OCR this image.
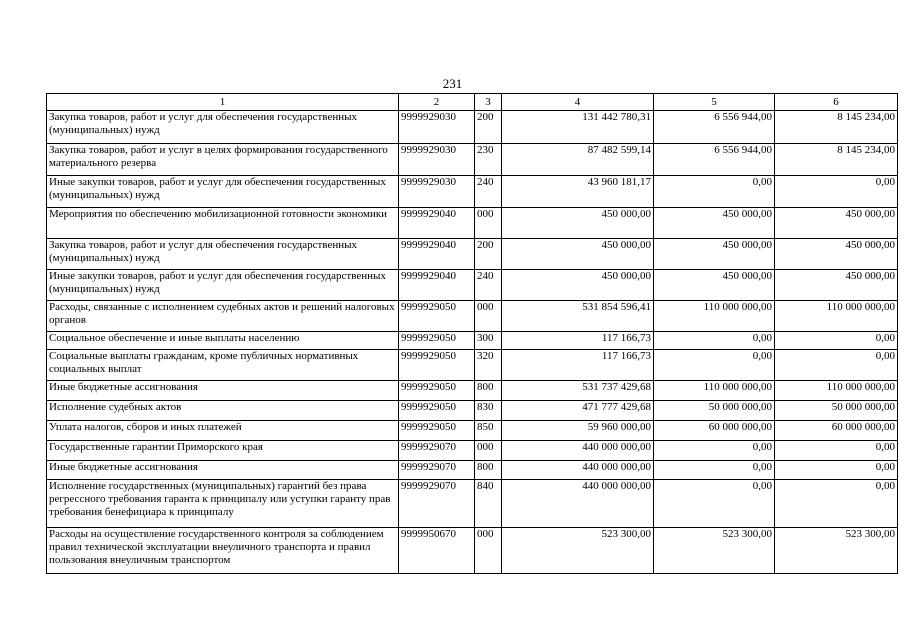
231
1	2	3	4	5	6
Закупка товаров, работ и услуг для обеспечения государственных (муниципальных) нужд	9999929030	200	131 442 780,31	6 556 944,00	8 145 234,00
Закупка товаров, работ и услуг в целях формирования государственного материального резерва	9999929030	230	87 482 599,14	6 556 944,00	8 145 234,00
Иные закупки товаров, работ и услуг для обеспечения государственных (муниципальных) нужд	9999929030	240	43 960 181,17	0,00	0,00
Мероприятия по обеспечению мобилизационной готовности экономики	9999929040	000	450 000,00	450 000,00	450 000,00
Закупка товаров, работ и услуг для обеспечения государственных (муниципальных) нужд	9999929040	200	450 000,00	450 000,00	450 000,00
Иные закупки товаров, работ и услуг для обеспечения государственных (муниципальных) нужд	9999929040	240	450 000,00	450 000,00	450 000,00
Расходы, связанные с исполнением судебных актов и решений налоговых органов	9999929050	000	531 854 596,41	110 000 000,00	110 000 000,00
Социальное обеспечение и иные выплаты населению	9999929050	300	117 166,73	0,00	0,00
Социальные выплаты гражданам, кроме публичных нормативных социальных выплат	9999929050	320	117 166,73	0,00	0,00
Иные бюджетные ассигнования	9999929050	800	531 737 429,68	110 000 000,00	110 000 000,00
Исполнение судебных актов	9999929050	830	471 777 429,68	50 000 000,00	50 000 000,00
Уплата налогов, сборов и иных платежей	9999929050	850	59 960 000,00	60 000 000,00	60 000 000,00
Государственные гарантии Приморского края	9999929070	000	440 000 000,00	0,00	0,00
Иные бюджетные ассигнования	9999929070	800	440 000 000,00	0,00	0,00
Исполнение государственных (муниципальных) гарантий без права регрессного требования гаранта к принципалу или уступки гаранту прав требования бенефициара к принципалу	9999929070	840	440 000 000,00	0,00	0,00
Расходы на осуществление государственного контроля за соблюдением правил технической эксплуатации внеуличного транспорта и правил пользования внеуличным транспортом	9999950670	000	523 300,00	523 300,00	523 300,00
